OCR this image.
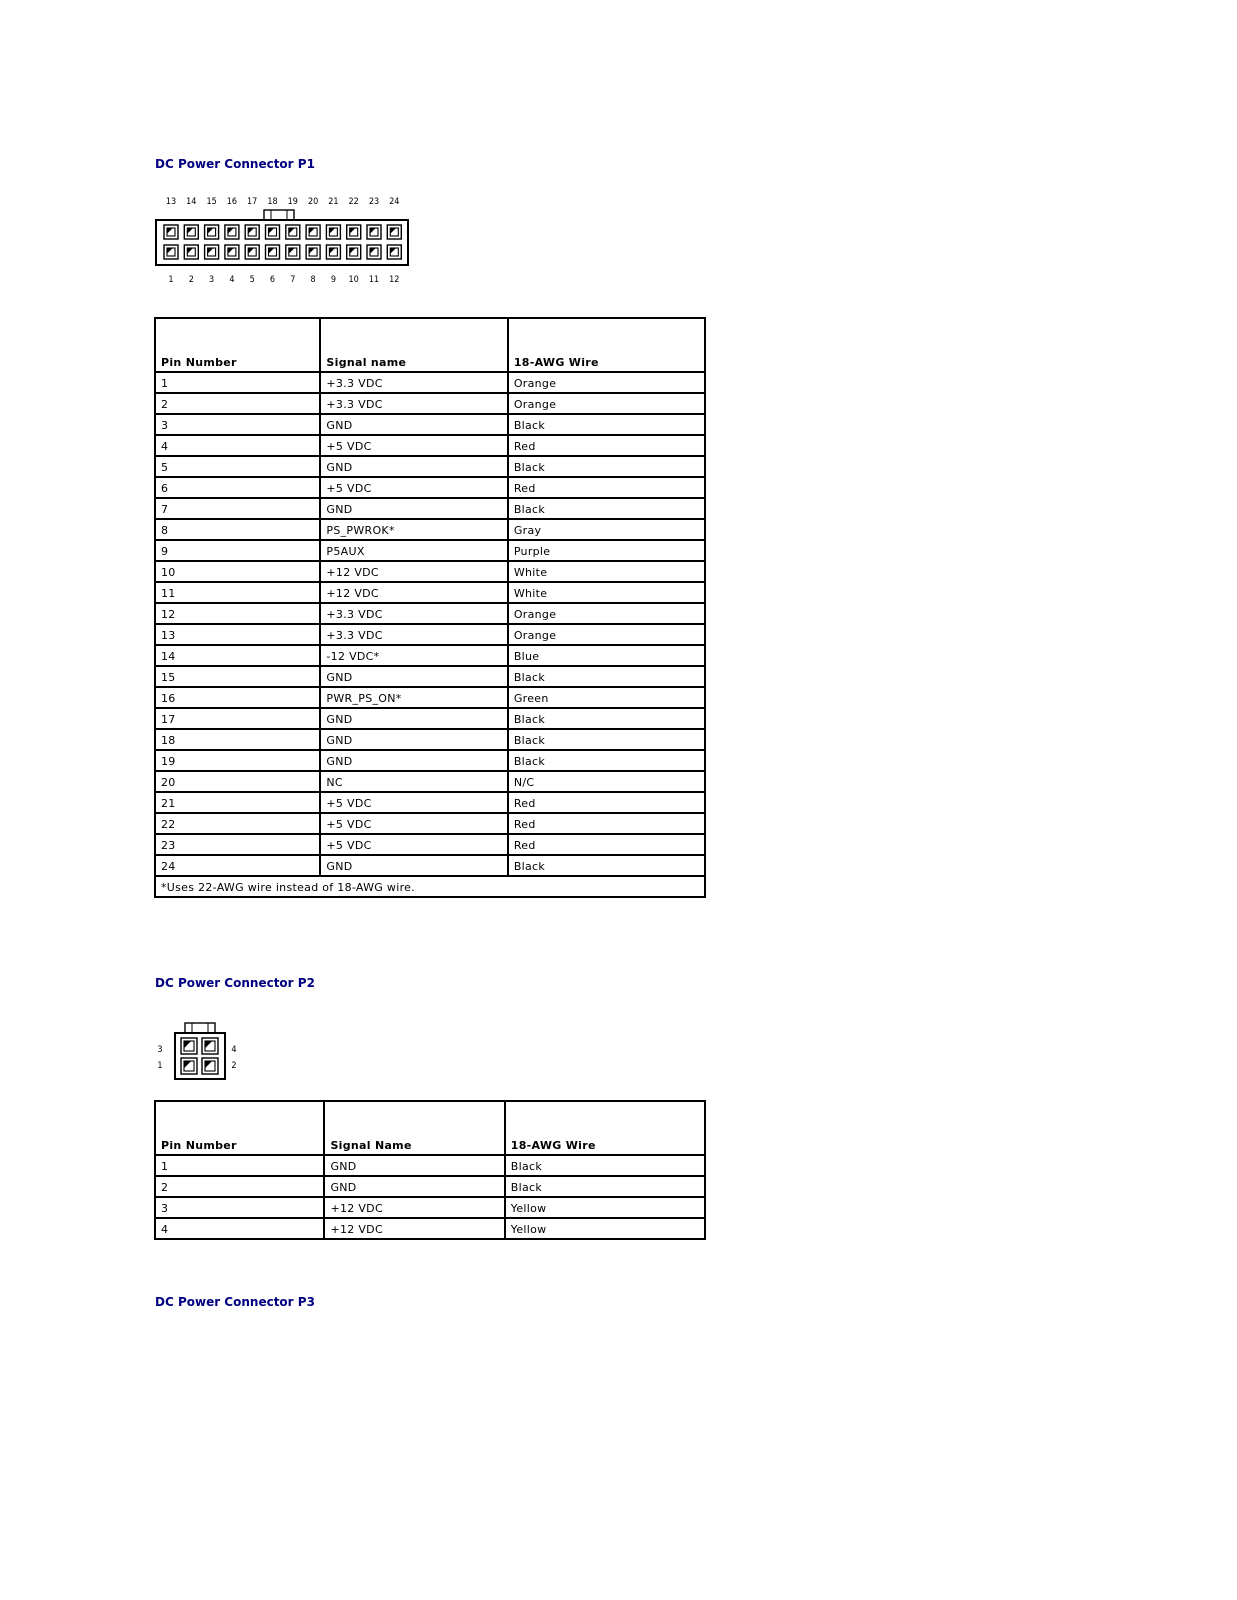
DC Power Connector P1
13
1
14
2
15
3
16
4
17
5
18
6
19
7
20
8
21
9
22
10
23
11
24
12
Pin Number	Signal name	18-AWG Wire
1	+3.3 VDC	Orange
2	+3.3 VDC	Orange
3	GND	Black
4	+5 VDC	Red
5	GND	Black
6	+5 VDC	Red
7	GND	Black
8	PS_PWROK*	Gray
9	P5AUX	Purple
10	+12 VDC	White
11	+12 VDC	White
12	+3.3 VDC	Orange
13	+3.3 VDC	Orange
14	-12 VDC*	Blue
15	GND	Black
16	PWR_PS_ON*	Green
17	GND	Black
18	GND	Black
19	GND	Black
20	NC	N/C
21	+5 VDC	Red
22	+5 VDC	Red
23	+5 VDC	Red
24	GND	Black
*Uses 22-AWG wire instead of 18-AWG wire.		
DC Power Connector P2
3
1
4
2
Pin Number	Signal Name	18-AWG Wire
1	GND	Black
2	GND	Black
3	+12 VDC	Yellow
4	+12 VDC	Yellow
DC Power Connector P3
